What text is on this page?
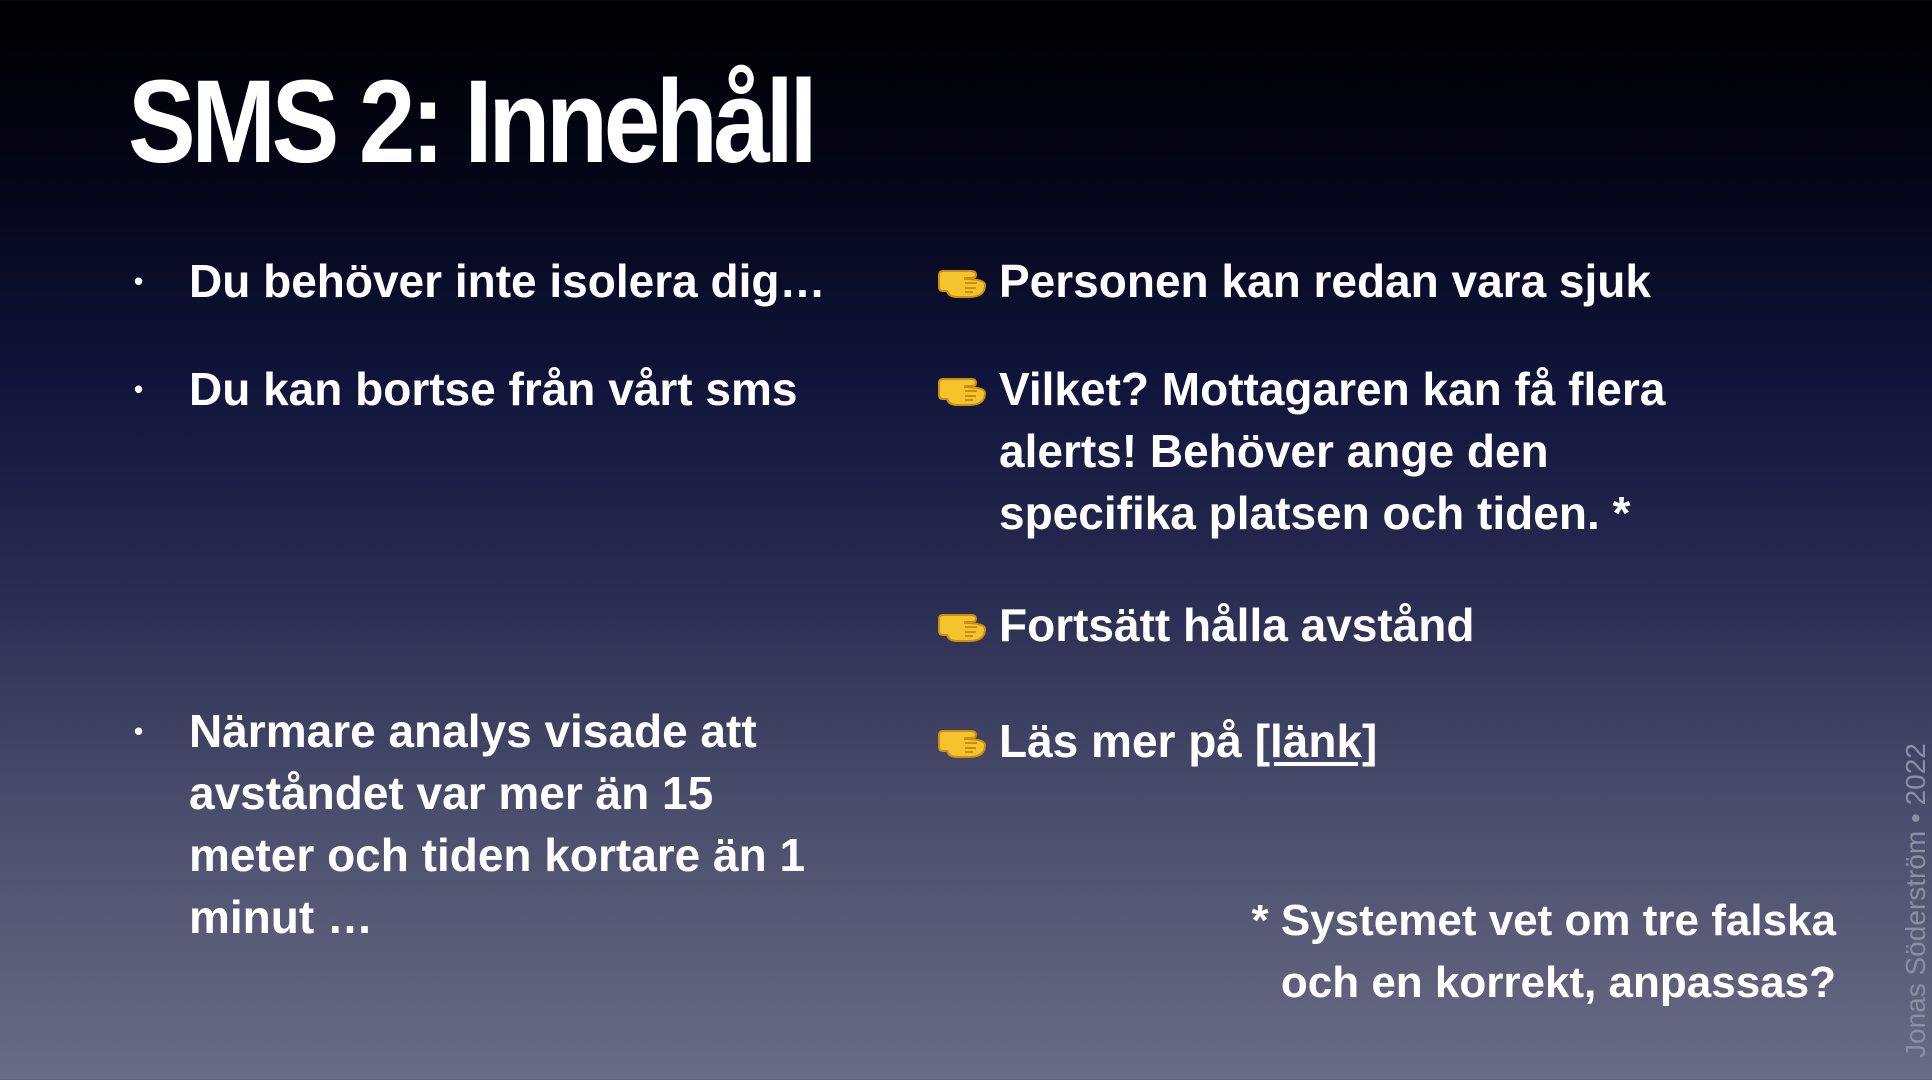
SMS 2: Innehåll
• Du behöver inte isolera dig…
• Du kan bortse från vårt sms
• Närmare analys visade att avståndet var mer än 15 meter och tiden kortare än 1 minut …
Personen kan redan vara sjuk
Vilket? Mottagaren kan få flera alerts! Behöver ange den specifika platsen och tiden. *
Fortsätt hålla avstånd
Läs mer på [länk]
* Systemet vet om tre falska
och en korrekt, anpassas? Jonas Söderström • 2022
